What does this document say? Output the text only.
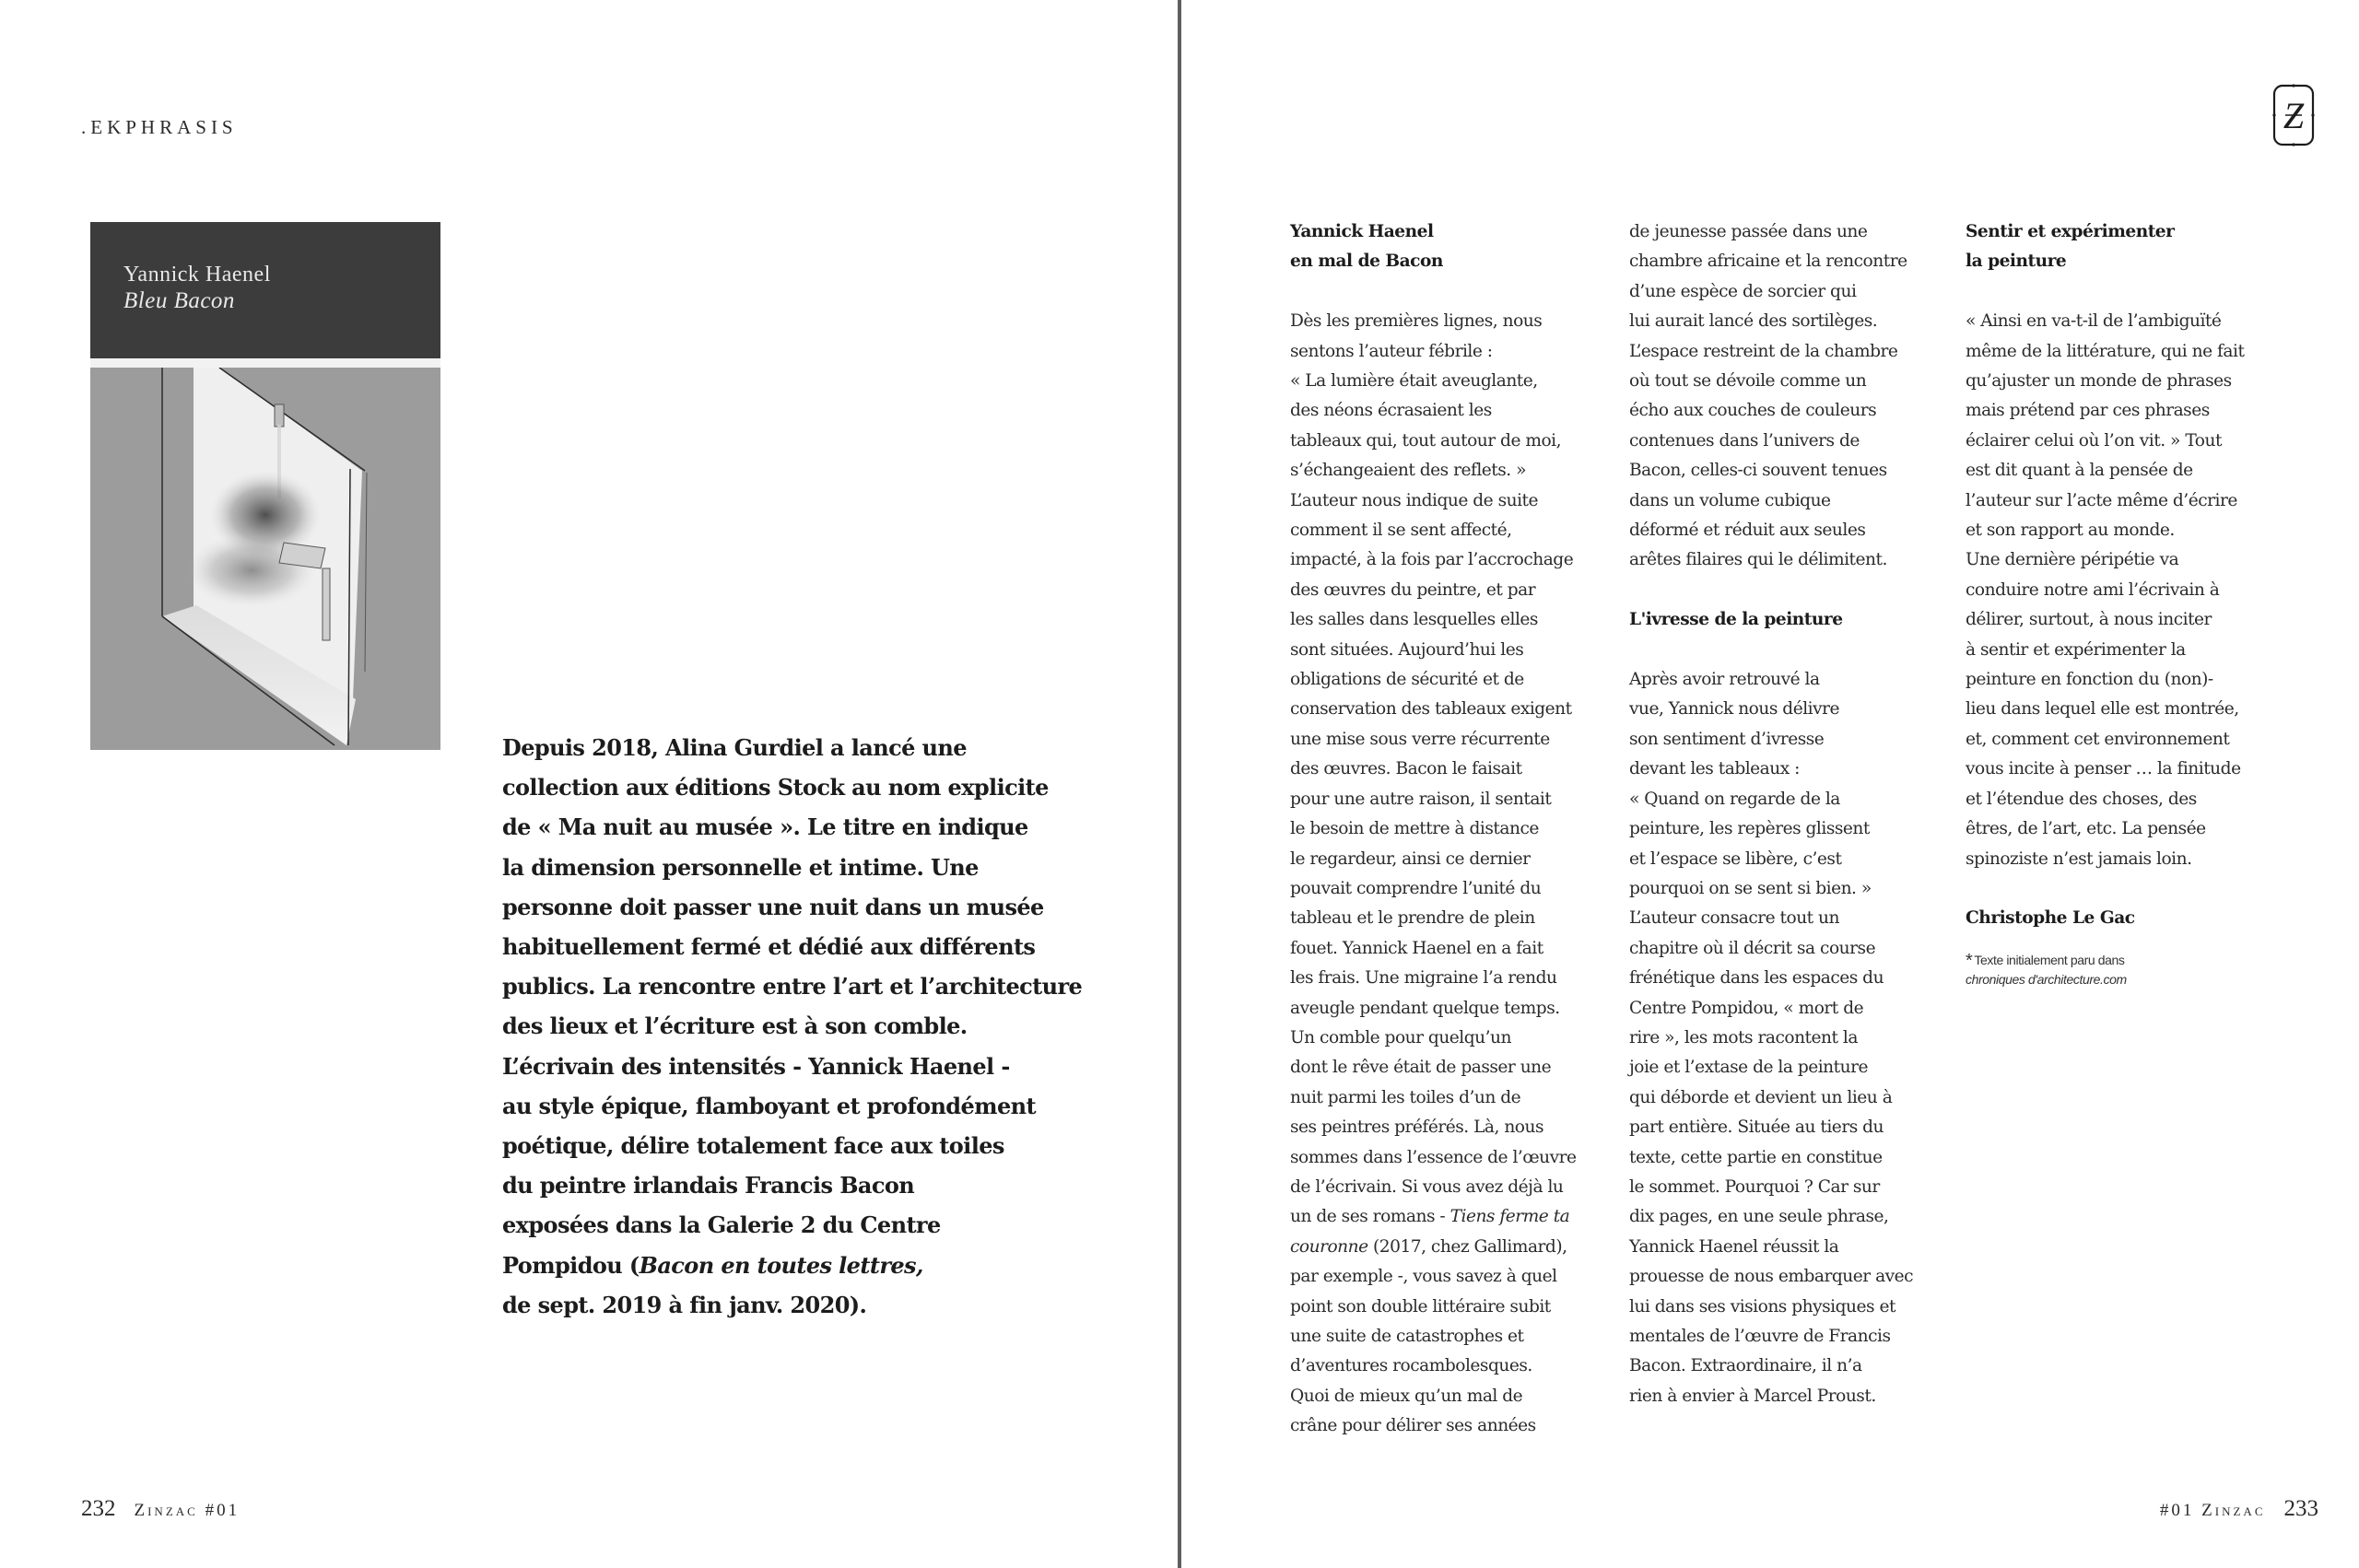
.EKPHRASIS
Yannick Haenel
Bleu Bacon
Depuis 2018, Alina Gurdiel a lancé une
collection aux éditions Stock au nom explicite
de « Ma nuit au musée ». Le titre en indique
la dimension personnelle et intime. Une
personne doit passer une nuit dans un musée
habituellement fermé et dédié aux différents
publics. La rencontre entre l’art et l’architecture
des lieux et l’écriture est à son comble.
L’écrivain des intensités - Yannick Haenel -
au style épique, flamboyant et profondément
poétique, délire totalement face aux toiles
du peintre irlandais Francis Bacon
exposées dans la Galerie 2 du Centre
Pompidou (Bacon en toutes lettres,
de sept. 2019 à fin janv. 2020).
232 Zinzac #01
Z
Yannick Haenel
en mal de Bacon
Dès les premières lignes, nous
sentons l’auteur fébrile :
« La lumière était aveuglante,
des néons écrasaient les
tableaux qui, tout autour de moi,
s’échangeaient des reflets. »
L’auteur nous indique de suite
comment il se sent affecté,
impacté, à la fois par l’accrochage
des œuvres du peintre, et par
les salles dans lesquelles elles
sont situées. Aujourd’hui les
obligations de sécurité et de
conservation des tableaux exigent
une mise sous verre récurrente
des œuvres. Bacon le faisait
pour une autre raison, il sentait
le besoin de mettre à distance
le regardeur, ainsi ce dernier
pouvait comprendre l’unité du
tableau et le prendre de plein
fouet. Yannick Haenel en a fait
les frais. Une migraine l’a rendu
aveugle pendant quelque temps.
Un comble pour quelqu’un
dont le rêve était de passer une
nuit parmi les toiles d’un de
ses peintres préférés. Là, nous
sommes dans l’essence de l’œuvre
de l’écrivain. Si vous avez déjà lu
un de ses romans - Tiens ferme ta
couronne (2017, chez Gallimard),
par exemple -, vous savez à quel
point son double littéraire subit
une suite de catastrophes et
d’aventures rocambolesques.
Quoi de mieux qu’un mal de
crâne pour délirer ses années
de jeunesse passée dans une
chambre africaine et la rencontre
d’une espèce de sorcier qui
lui aurait lancé des sortilèges.
L’espace restreint de la chambre
où tout se dévoile comme un
écho aux couches de couleurs
contenues dans l’univers de
Bacon, celles-ci souvent tenues
dans un volume cubique
déformé et réduit aux seules
arêtes filaires qui le délimitent.
L'ivresse de la peinture
Après avoir retrouvé la
vue, Yannick nous délivre
son sentiment d’ivresse
devant les tableaux :
« Quand on regarde de la
peinture, les repères glissent
et l’espace se libère, c’est
pourquoi on se sent si bien. »
L’auteur consacre tout un
chapitre où il décrit sa course
frénétique dans les espaces du
Centre Pompidou, « mort de
rire », les mots racontent la
joie et l’extase de la peinture
qui déborde et devient un lieu à
part entière. Située au tiers du
texte, cette partie en constitue
le sommet. Pourquoi ? Car sur
dix pages, en une seule phrase,
Yannick Haenel réussit la
prouesse de nous embarquer avec
lui dans ses visions physiques et
mentales de l’œuvre de Francis
Bacon. Extraordinaire, il n’a
rien à envier à Marcel Proust.
Sentir et expérimenter
la peinture
« Ainsi en va-t-il de l’ambiguïté
même de la littérature, qui ne fait
qu’ajuster un monde de phrases
mais prétend par ces phrases
éclairer celui où l’on vit. » Tout
est dit quant à la pensée de
l’auteur sur l’acte même d’écrire
et son rapport au monde.
Une dernière péripétie va
conduire notre ami l’écrivain à
délirer, surtout, à nous inciter
à sentir et expérimenter la
peinture en fonction du (non)-
lieu dans lequel elle est montrée,
et, comment cet environnement
vous incite à penser … la finitude
et l’étendue des choses, des
êtres, de l’art, etc. La pensée
spinoziste n’est jamais loin.
Christophe Le Gac
* Texte initialement paru dans
chroniques d'architecture.com
#01 Zinzac 233
